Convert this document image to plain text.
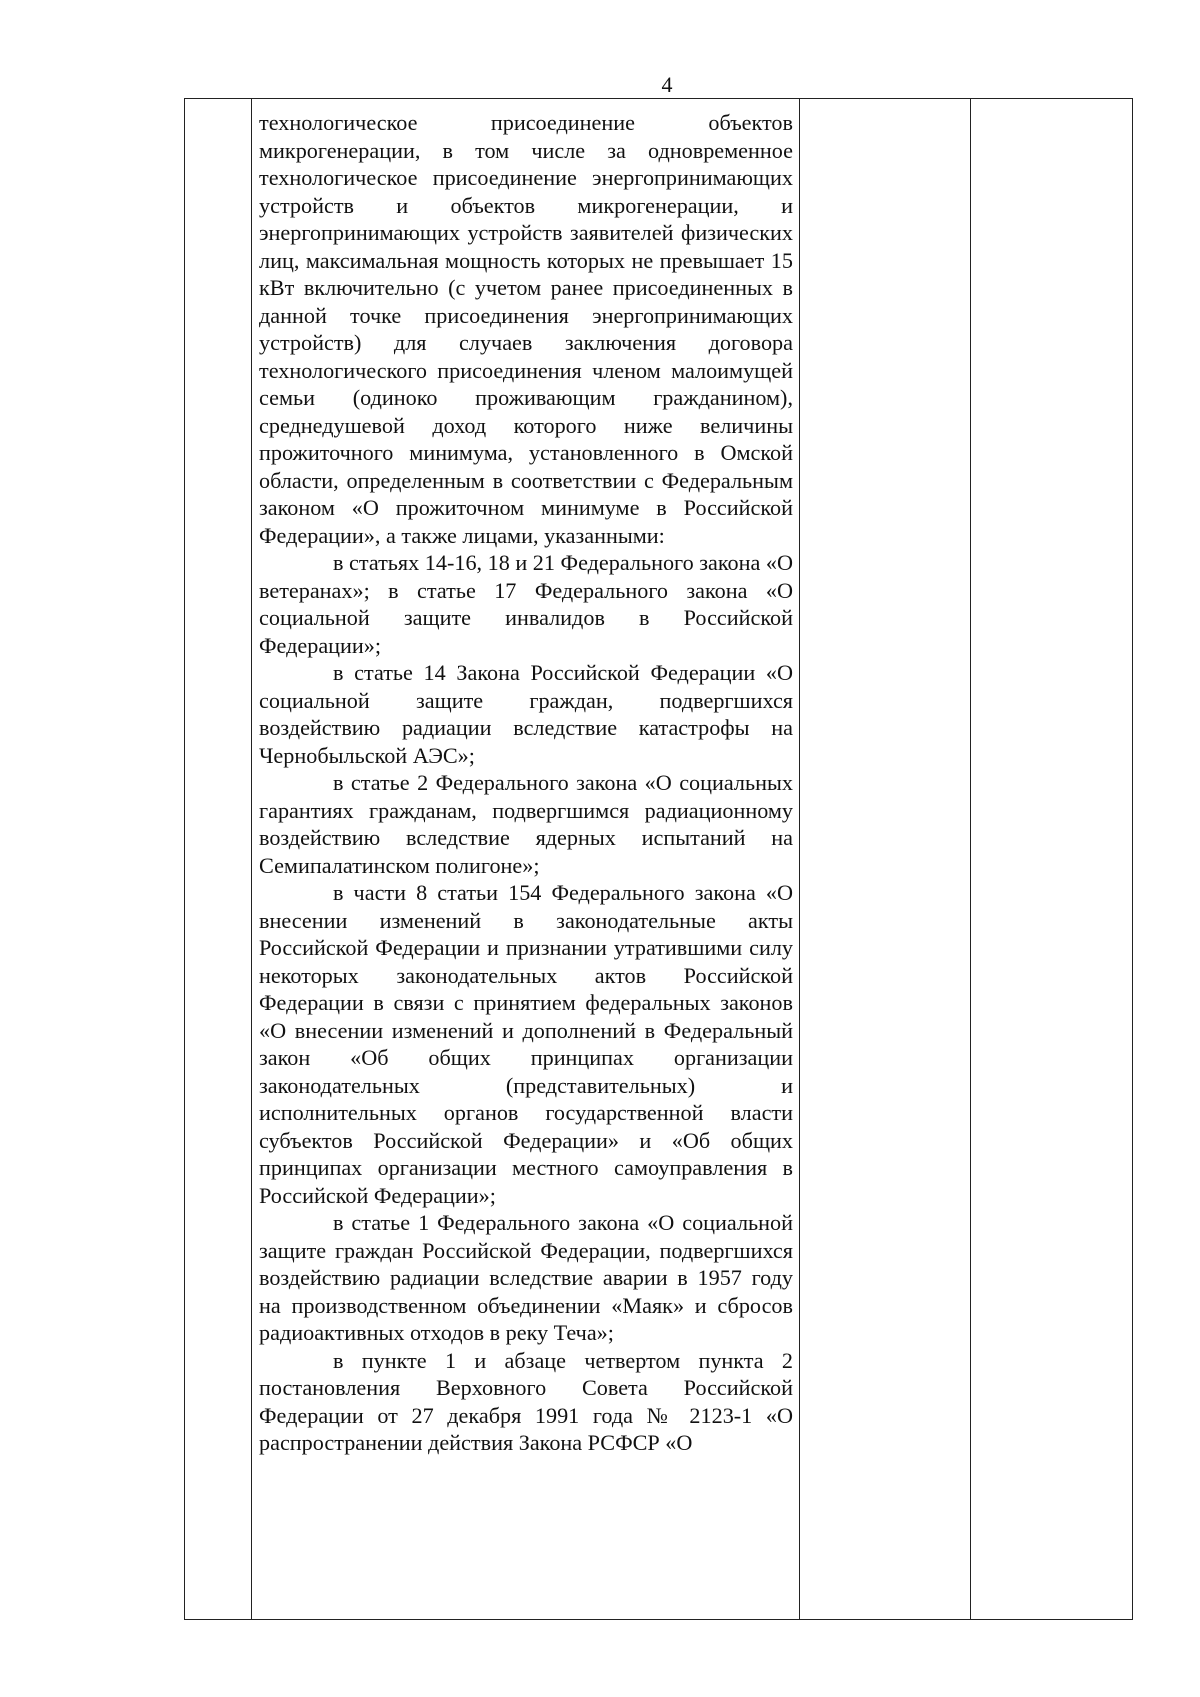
4

технологическое присоединение объектов микрогенерации, в том числе за одновременное технологическое присоединение энергопринимающих устройств и объектов микрогенерации, и энергопринимающих устройств заявителей физических лиц, максимальная мощность которых не превышает 15 кВт включительно (с учетом ранее присоединенных в данной точке присоединения энергопринимающих устройств) для случаев заключения договора технологического присоединения членом малоимущей семьи (одиноко проживающим гражданином), среднедушевой доход которого ниже величины прожиточного минимума, установленного в Омской области, определенным в соответствии с Федеральным законом «О прожиточном минимуме в Российской Федерации», а также лицами, указанными:

в статьях 14-16, 18 и 21 Федерального закона «О ветеранах»; в статье 17 Федерального закона «О социальной защите инвалидов в Российской Федерации»;

в статье 14 Закона Российской Федерации «О социальной защите граждан, подвергшихся воздействию радиации вследствие катастрофы на Чернобыльской АЭС»;

в статье 2 Федерального закона «О социальных гарантиях гражданам, подвергшимся радиационному воздействию вследствие ядерных испытаний на Семипалатинском полигоне»;

в части 8 статьи 154 Федерального закона «О внесении изменений в законодательные акты Российской Федерации и признании утратившими силу некоторых законодательных актов Российской Федерации в связи с принятием федеральных законов «О внесении изменений и дополнений в Федеральный закон «Об общих принципах организации законодательных (представительных) и исполнительных органов государственной власти субъектов Российской Федерации» и «Об общих принципах организации местного самоуправления в Российской Федерации»;

в статье 1 Федерального закона «О социальной защите граждан Российской Федерации, подвергшихся воздействию радиации вследствие аварии в 1957 году на производственном объединении «Маяк» и сбросов радиоактивных отходов в реку Теча»;

в пункте 1 и абзаце четвертом пункта 2 постановления Верховного Совета Российской Федерации от 27 декабря 1991 года № 2123-1 «О распространении действия Закона РСФСР «О
